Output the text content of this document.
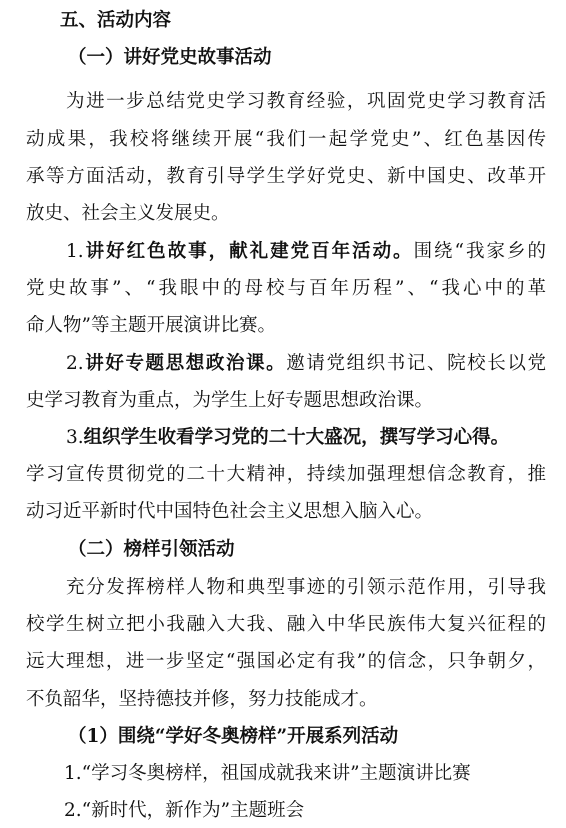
五、活动内容
（一）讲好党史故事活动
为进一步总结党史学习教育经验，巩固党史学习教育活
动成果，我校将继续开展“我们一起学党史”、红色基因传
承等方面活动，教育引导学生学好党史、新中国史、改革开
放史、社会主义发展史。
1.讲好红色故事，献礼建党百年活动。围绕“我家乡的
党史故事”、“我眼中的母校与百年历程”、“我心中的革
命人物”等主题开展演讲比赛。
2.讲好专题思想政治课。邀请党组织书记、院校长以党
史学习教育为重点，为学生上好专题思想政治课。
3.组织学生收看学习党的二十大盛况，撰写学习心得。
学习宣传贯彻党的二十大精神，持续加强理想信念教育，推
动习近平新时代中国特色社会主义思想入脑入心。
（二）榜样引领活动
充分发挥榜样人物和典型事迹的引领示范作用，引导我
校学生树立把小我融入大我、融入中华民族伟大复兴征程的
远大理想，进一步坚定“强国必定有我”的信念，只争朝夕，
不负韶华，坚持德技并修，努力技能成才。
（1）围绕“学好冬奥榜样”开展系列活动
1.“学习冬奥榜样，祖国成就我来讲”主题演讲比赛
2.“新时代，新作为”主题班会
